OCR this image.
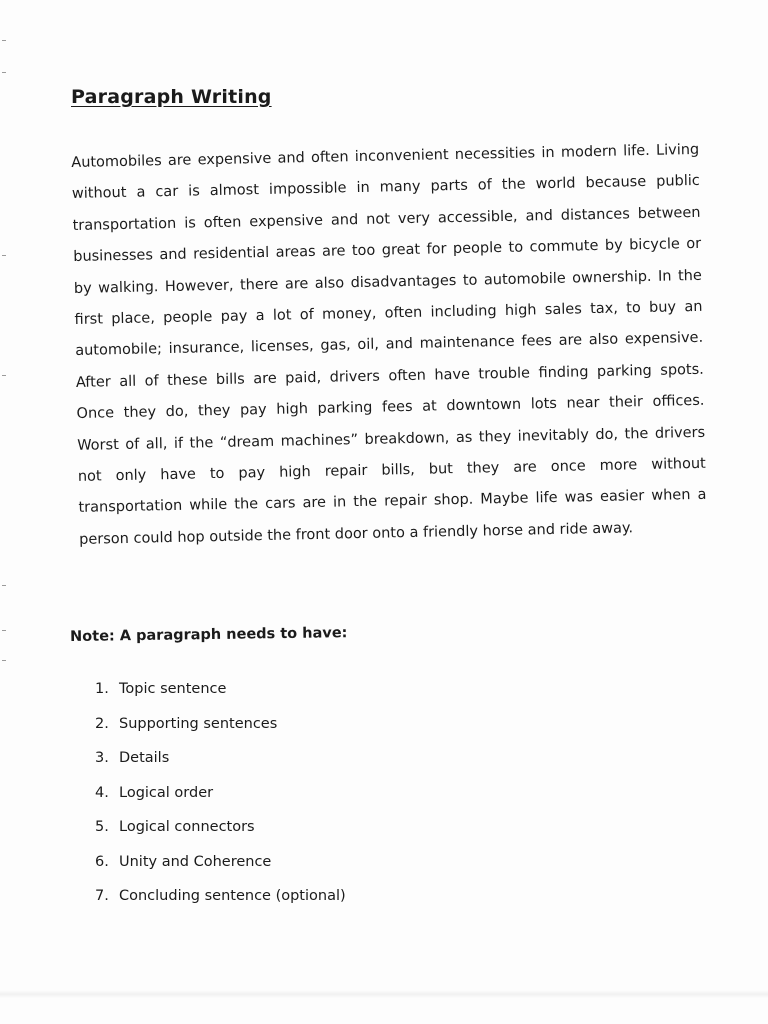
Paragraph Writing
Automobiles are expensive and often inconvenient necessities in modern life. Living
without a car is almost impossible in many parts of the world because public
transportation is often expensive and not very accessible, and distances between
businesses and residential areas are too great for people to commute by bicycle or
by walking. However, there are also disadvantages to automobile ownership. In the
first place, people pay a lot of money, often including high sales tax, to buy an
automobile; insurance, licenses, gas, oil, and maintenance fees are also expensive.
After all of these bills are paid, drivers often have trouble finding parking spots.
Once they do, they pay high parking fees at downtown lots near their offices.
Worst of all, if the “dream machines” breakdown, as they inevitably do, the drivers
not only have to pay high repair bills, but they are once more without
transportation while the cars are in the repair shop. Maybe life was easier when a
person could hop outside the front door onto a friendly horse and ride away.

Note: A paragraph needs to have:

1. Topic sentence
2. Supporting sentences
3. Details
4. Logical order
5. Logical connectors
6. Unity and Coherence
7. Concluding sentence (optional)
